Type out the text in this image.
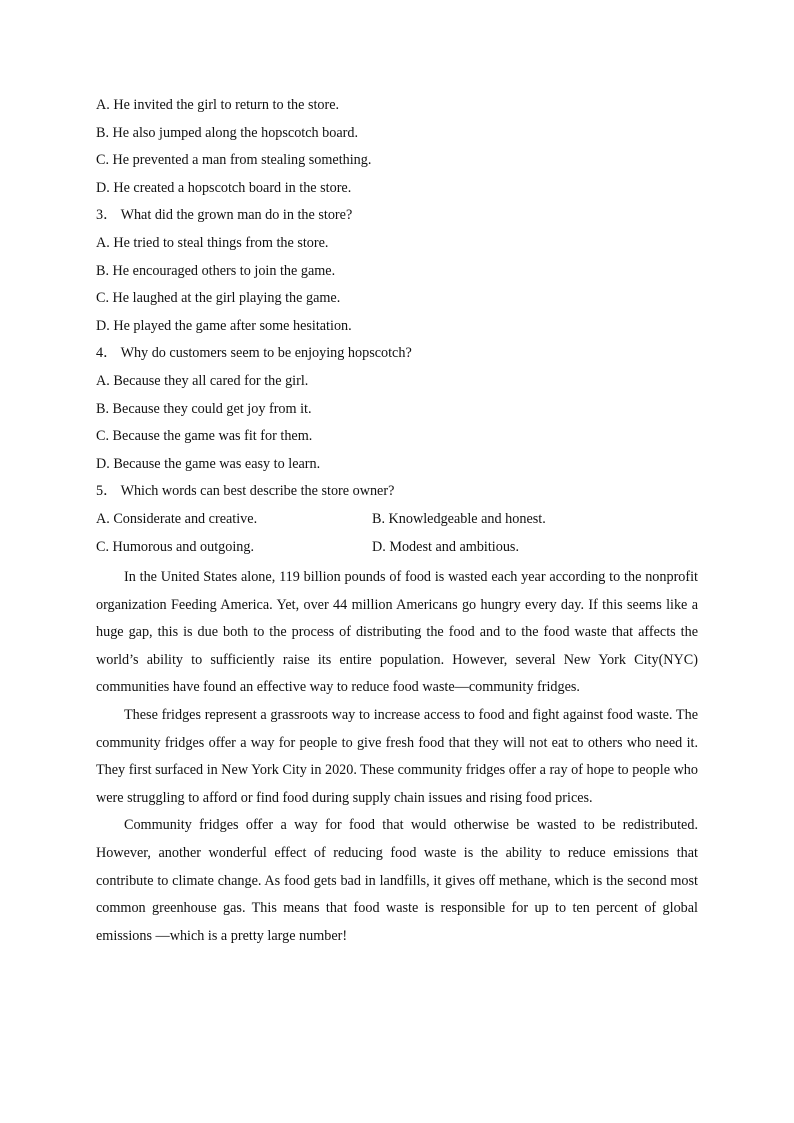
A. He invited the girl to return to the store.
B. He also jumped along the hopscotch board.
C. He prevented a man from stealing something.
D. He created a hopscotch board in the store.
3． What did the grown man do in the store?
A. He tried to steal things from the store.
B. He encouraged others to join the game.
C. He laughed at the girl playing the game.
D. He played the game after some hesitation.
4． Why do customers seem to be enjoying hopscotch?
A. Because they all cared for the girl.
B. Because they could get joy from it.
C. Because the game was fit for them.
D. Because the game was easy to learn.
5． Which words can best describe the store owner?
A. Considerate and creative.	B. Knowledgeable and honest.
C. Humorous and outgoing.	D. Modest and ambitious.

In the United States alone, 119 billion pounds of food is wasted each year according to the nonprofit organization Feeding America. Yet, over 44 million Americans go hungry every day. If this seems like a huge gap, this is due both to the process of distributing the food and to the food waste that affects the world’s ability to sufficiently raise its entire population. However, several New York City(NYC) communities have found an effective way to reduce food waste—community fridges.

These fridges represent a grassroots way to increase access to food and fight against food waste. The community fridges offer a way for people to give fresh food that they will not eat to others who need it. They first surfaced in New York City in 2020. These community fridges offer a ray of hope to people who were struggling to afford or find food during supply chain issues and rising food prices.

Community fridges offer a way for food that would otherwise be wasted to be redistributed. However, another wonderful effect of reducing food waste is the ability to reduce emissions that contribute to climate change. As food gets bad in landfills, it gives off methane, which is the second most common greenhouse gas. This means that food waste is responsible for up to ten percent of global emissions —which is a pretty large number!
